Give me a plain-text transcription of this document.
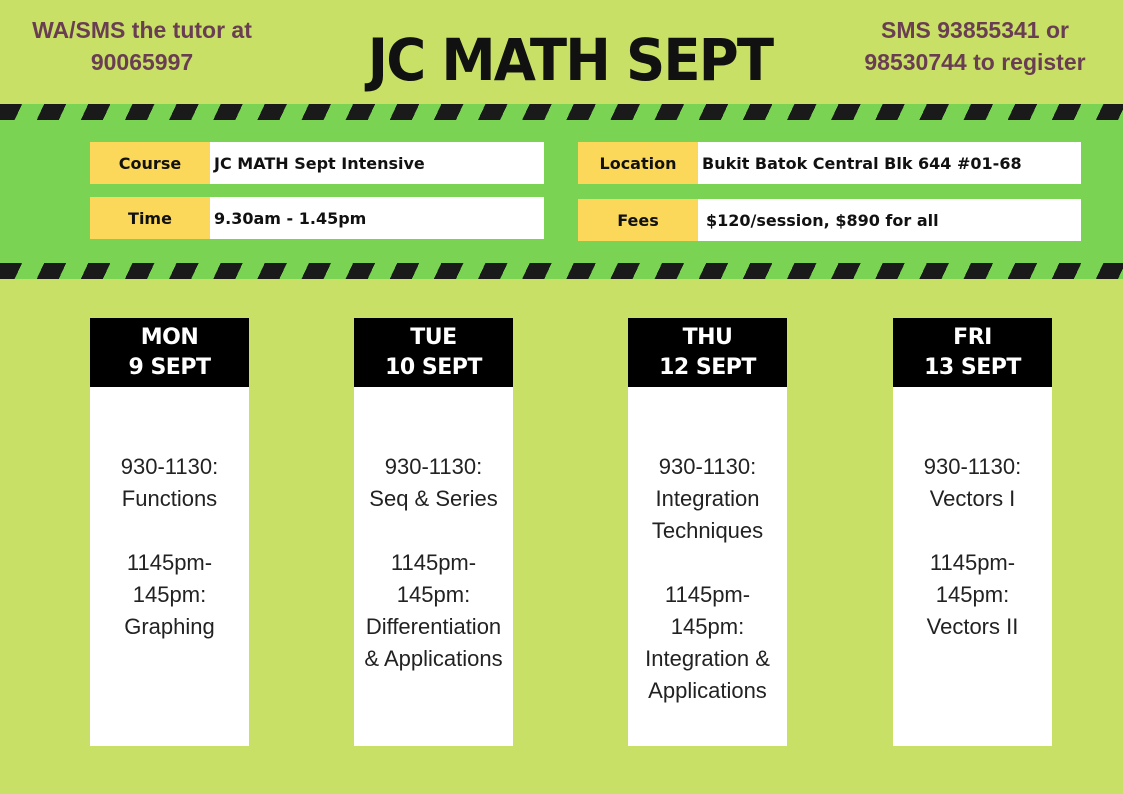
WA/SMS the tutor at
90065997	JC MATH SEPT	SMS 93855341 or
98530744 to register
Course	JC MATH Sept Intensive
Time	9.30am - 1.45pm
Location	Bukit Batok Central Blk 644 #01-68
Fees	$120/session, $890 for all
MON
9 SEPT
930-1130:
Functions
1145pm-
145pm:
Graphing
TUE
10 SEPT
930-1130:
Seq & Series
1145pm-
145pm:
Differentiation
& Applications
THU
12 SEPT
930-1130:
Integration
Techniques
1145pm-
145pm:
Integration &
Applications
FRI
13 SEPT
930-1130:
Vectors I
1145pm-
145pm:
Vectors II
